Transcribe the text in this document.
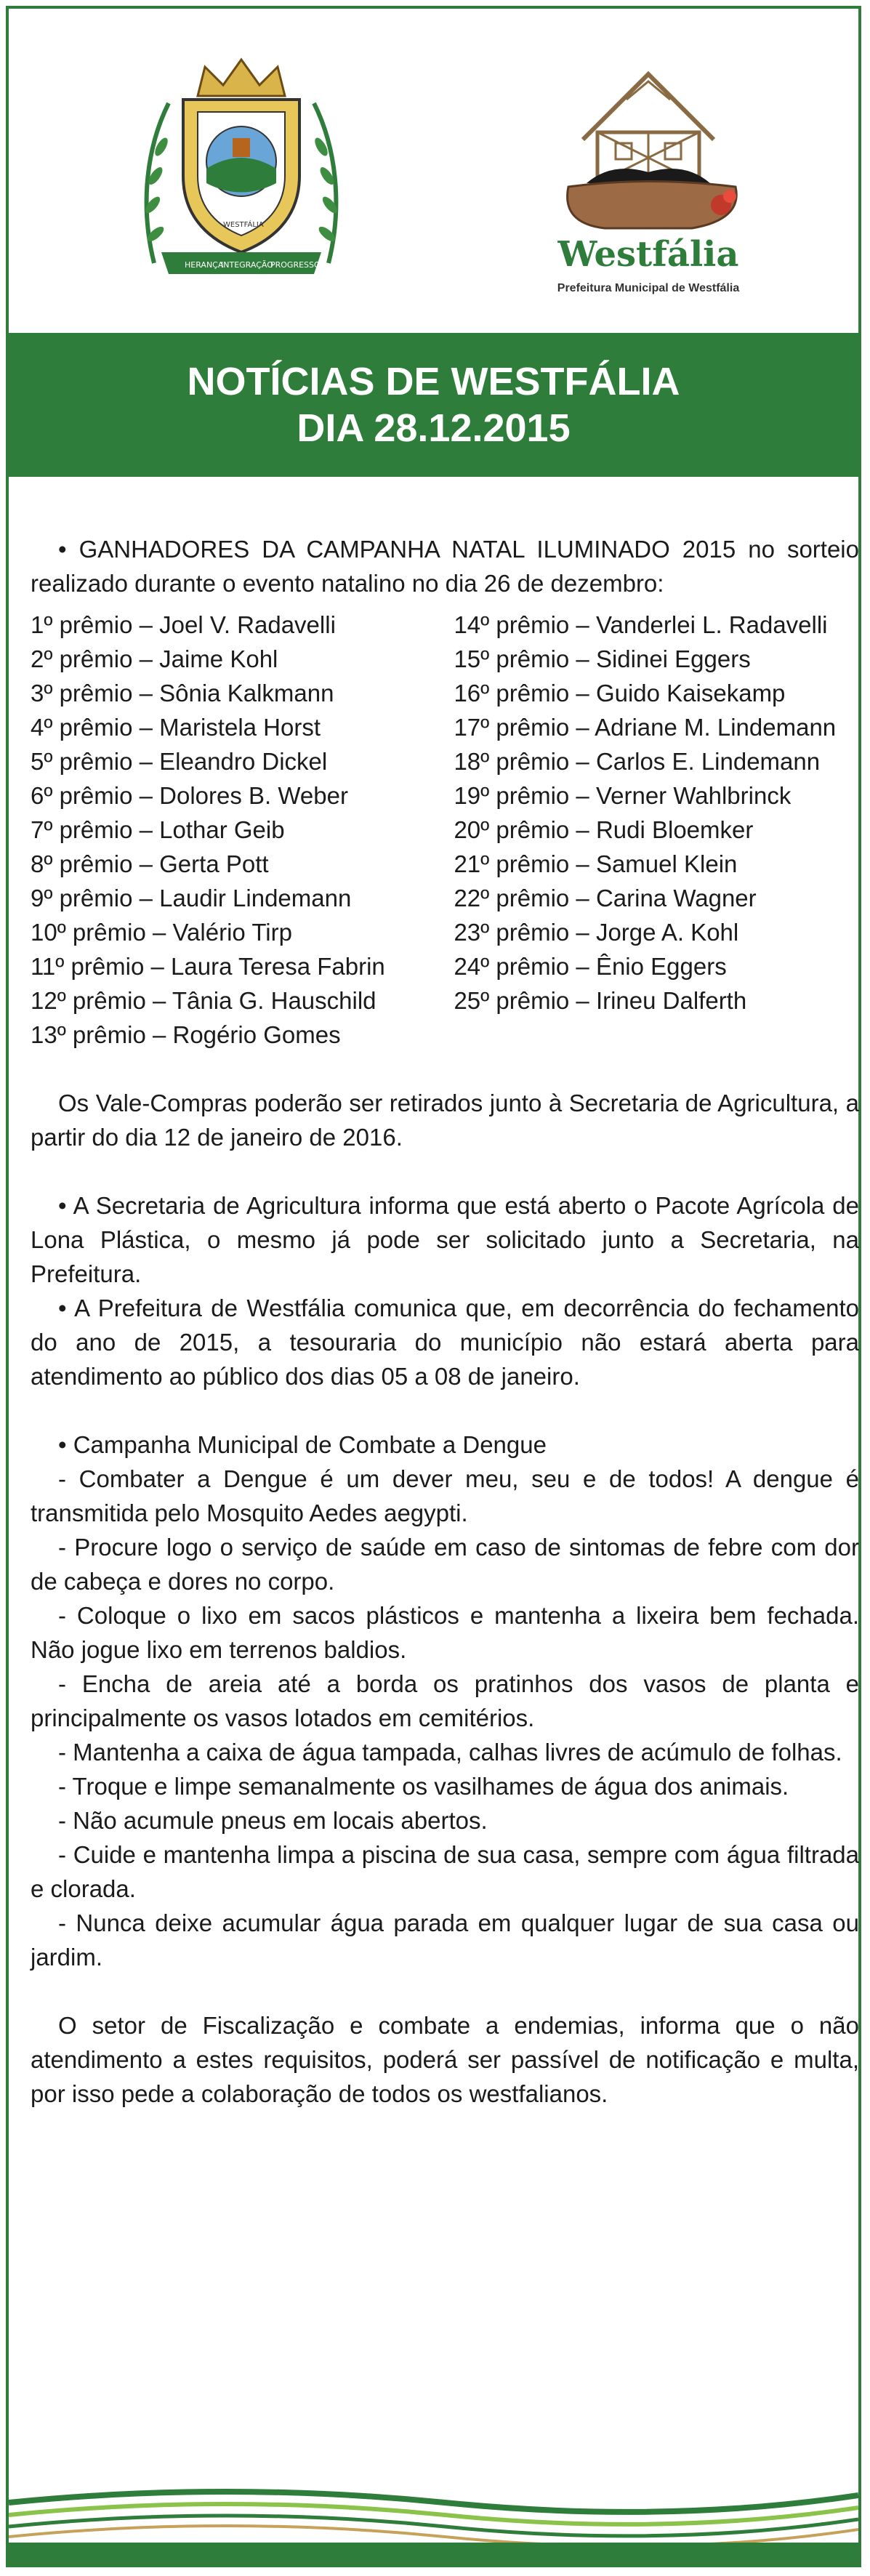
HERANÇA
INTEGRAÇÃO
PROGRESSO
WESTFÁLIA
Westfália
Prefeitura Municipal de Westfália
NOTÍCIAS DE WESTFÁLIA
DIA 28.12.2015

• GANHADORES DA CAMPANHA NATAL ILUMINADO 2015 no sorteio realizado durante o evento natalino no dia 26 de dezembro:

1º prêmio – Joel V. Radavelli
2º prêmio – Jaime Kohl
3º prêmio – Sônia Kalkmann
4º prêmio – Maristela Horst
5º prêmio – Eleandro Dickel
6º prêmio – Dolores B. Weber
7º prêmio – Lothar Geib
8º prêmio – Gerta Pott
9º prêmio – Laudir Lindemann
10º prêmio – Valério Tirp
11º prêmio – Laura Teresa Fabrin
12º prêmio – Tânia G. Hauschild
13º prêmio – Rogério Gomes
14º prêmio – Vanderlei L. Radavelli
15º prêmio – Sidinei Eggers
16º prêmio – Guido Kaisekamp
17º prêmio – Adriane M. Lindemann
18º prêmio – Carlos E. Lindemann
19º prêmio – Verner Wahlbrinck
20º prêmio – Rudi Bloemker
21º prêmio – Samuel Klein
22º prêmio – Carina Wagner
23º prêmio – Jorge A. Kohl
24º prêmio – Ênio Eggers
25º prêmio – Irineu Dalferth

Os Vale-Compras poderão ser retirados junto à Secretaria de Agricultura, a partir do dia 12 de janeiro de 2016.

• A Secretaria de Agricultura informa que está aberto o Pacote Agrícola de Lona Plástica, o mesmo já pode ser solicitado junto a Secretaria, na Prefeitura.

• A Prefeitura de Westfália comunica que, em decorrência do fechamento do ano de 2015, a tesouraria do município não estará aberta para atendimento ao público dos dias 05 a 08 de janeiro.

• Campanha Municipal de Combate a Dengue

- Combater a Dengue é um dever meu, seu e de todos! A dengue é transmitida pelo Mosquito Aedes aegypti.

- Procure logo o serviço de saúde em caso de sintomas de febre com dor de cabeça e dores no corpo.

- Coloque o lixo em sacos plásticos e mantenha a lixeira bem fechada. Não jogue lixo em terrenos baldios.

- Encha de areia até a borda os pratinhos dos vasos de planta e principalmente os vasos lotados em cemitérios.

- Mantenha a caixa de água tampada, calhas livres de acúmulo de folhas.

- Troque e limpe semanalmente os vasilhames de água dos animais.

- Não acumule pneus em locais abertos.

- Cuide e mantenha limpa a piscina de sua casa, sempre com água filtrada e clorada.

- Nunca deixe acumular água parada em qualquer lugar de sua casa ou jardim.

O setor de Fiscalização e combate a endemias, informa que o não atendimento a estes requisitos, poderá ser passível de notificação e multa, por isso pede a colaboração de todos os westfalianos.
